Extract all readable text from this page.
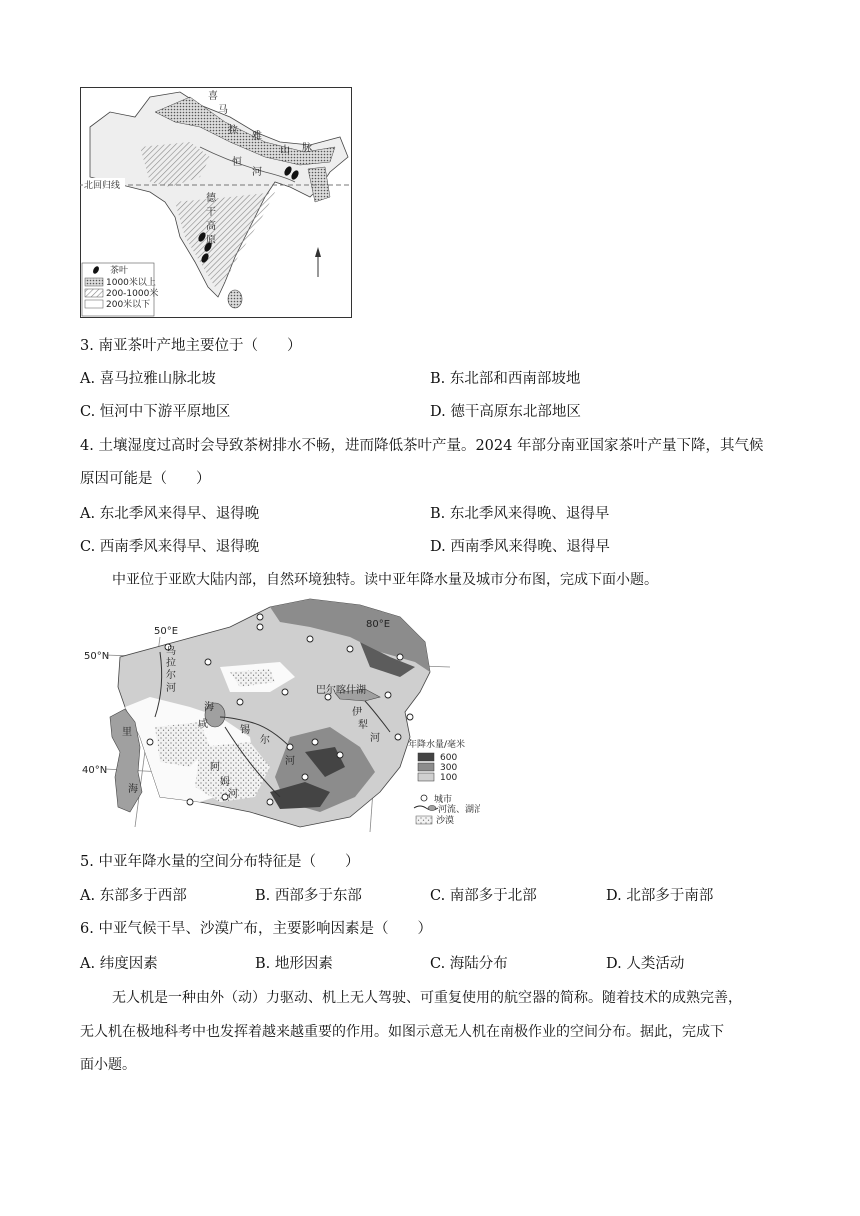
喜
马
拉
雅
山 脉
恒
河
德
干
高
原
北回归线
茶叶
1000米以上
200-1000米
200米以下
3. 南亚茶叶产地主要位于（　　）
A. 喜马拉雅山脉北坡	B. 东北部和西南部坡地
C. 恒河中下游平原地区	D. 德干高原东北部地区
4. 土壤湿度过高时会导致茶树排水不畅，进而降低茶叶产量。2024 年部分南亚国家茶叶产量下降，其气候
原因可能是（　　）
A. 东北季风来得早、退得晚	B. 东北季风来得晚、退得早
C. 西南季风来得早、退得晚	D. 西南季风来得晚、退得早
中亚位于亚欧大陆内部，自然环境独特。读中亚年降水量及城市分布图，完成下面小题。
50°E
80°E
50°N
40°N
乌
拉
尔
河
里
海
海
咸
锡
尔
河
阿
姆
河
巴尔喀什湖
伊
犁
河
年降水量/毫米
600
300
100
城市
河流、湖泊
沙漠
5. 中亚年降水量的空间分布特征是（　　）
A. 东部多于西部	B. 西部多于东部	C. 南部多于北部	D. 北部多于南部
6. 中亚气候干旱、沙漠广布，主要影响因素是（　　）
A. 纬度因素	B. 地形因素	C. 海陆分布	D. 人类活动
无人机是一种由外（动）力驱动、机上无人驾驶、可重复使用的航空器的简称。随着技术的成熟完善，
无人机在极地科考中也发挥着越来越重要的作用。如图示意无人机在南极作业的空间分布。据此，完成下
面小题。
